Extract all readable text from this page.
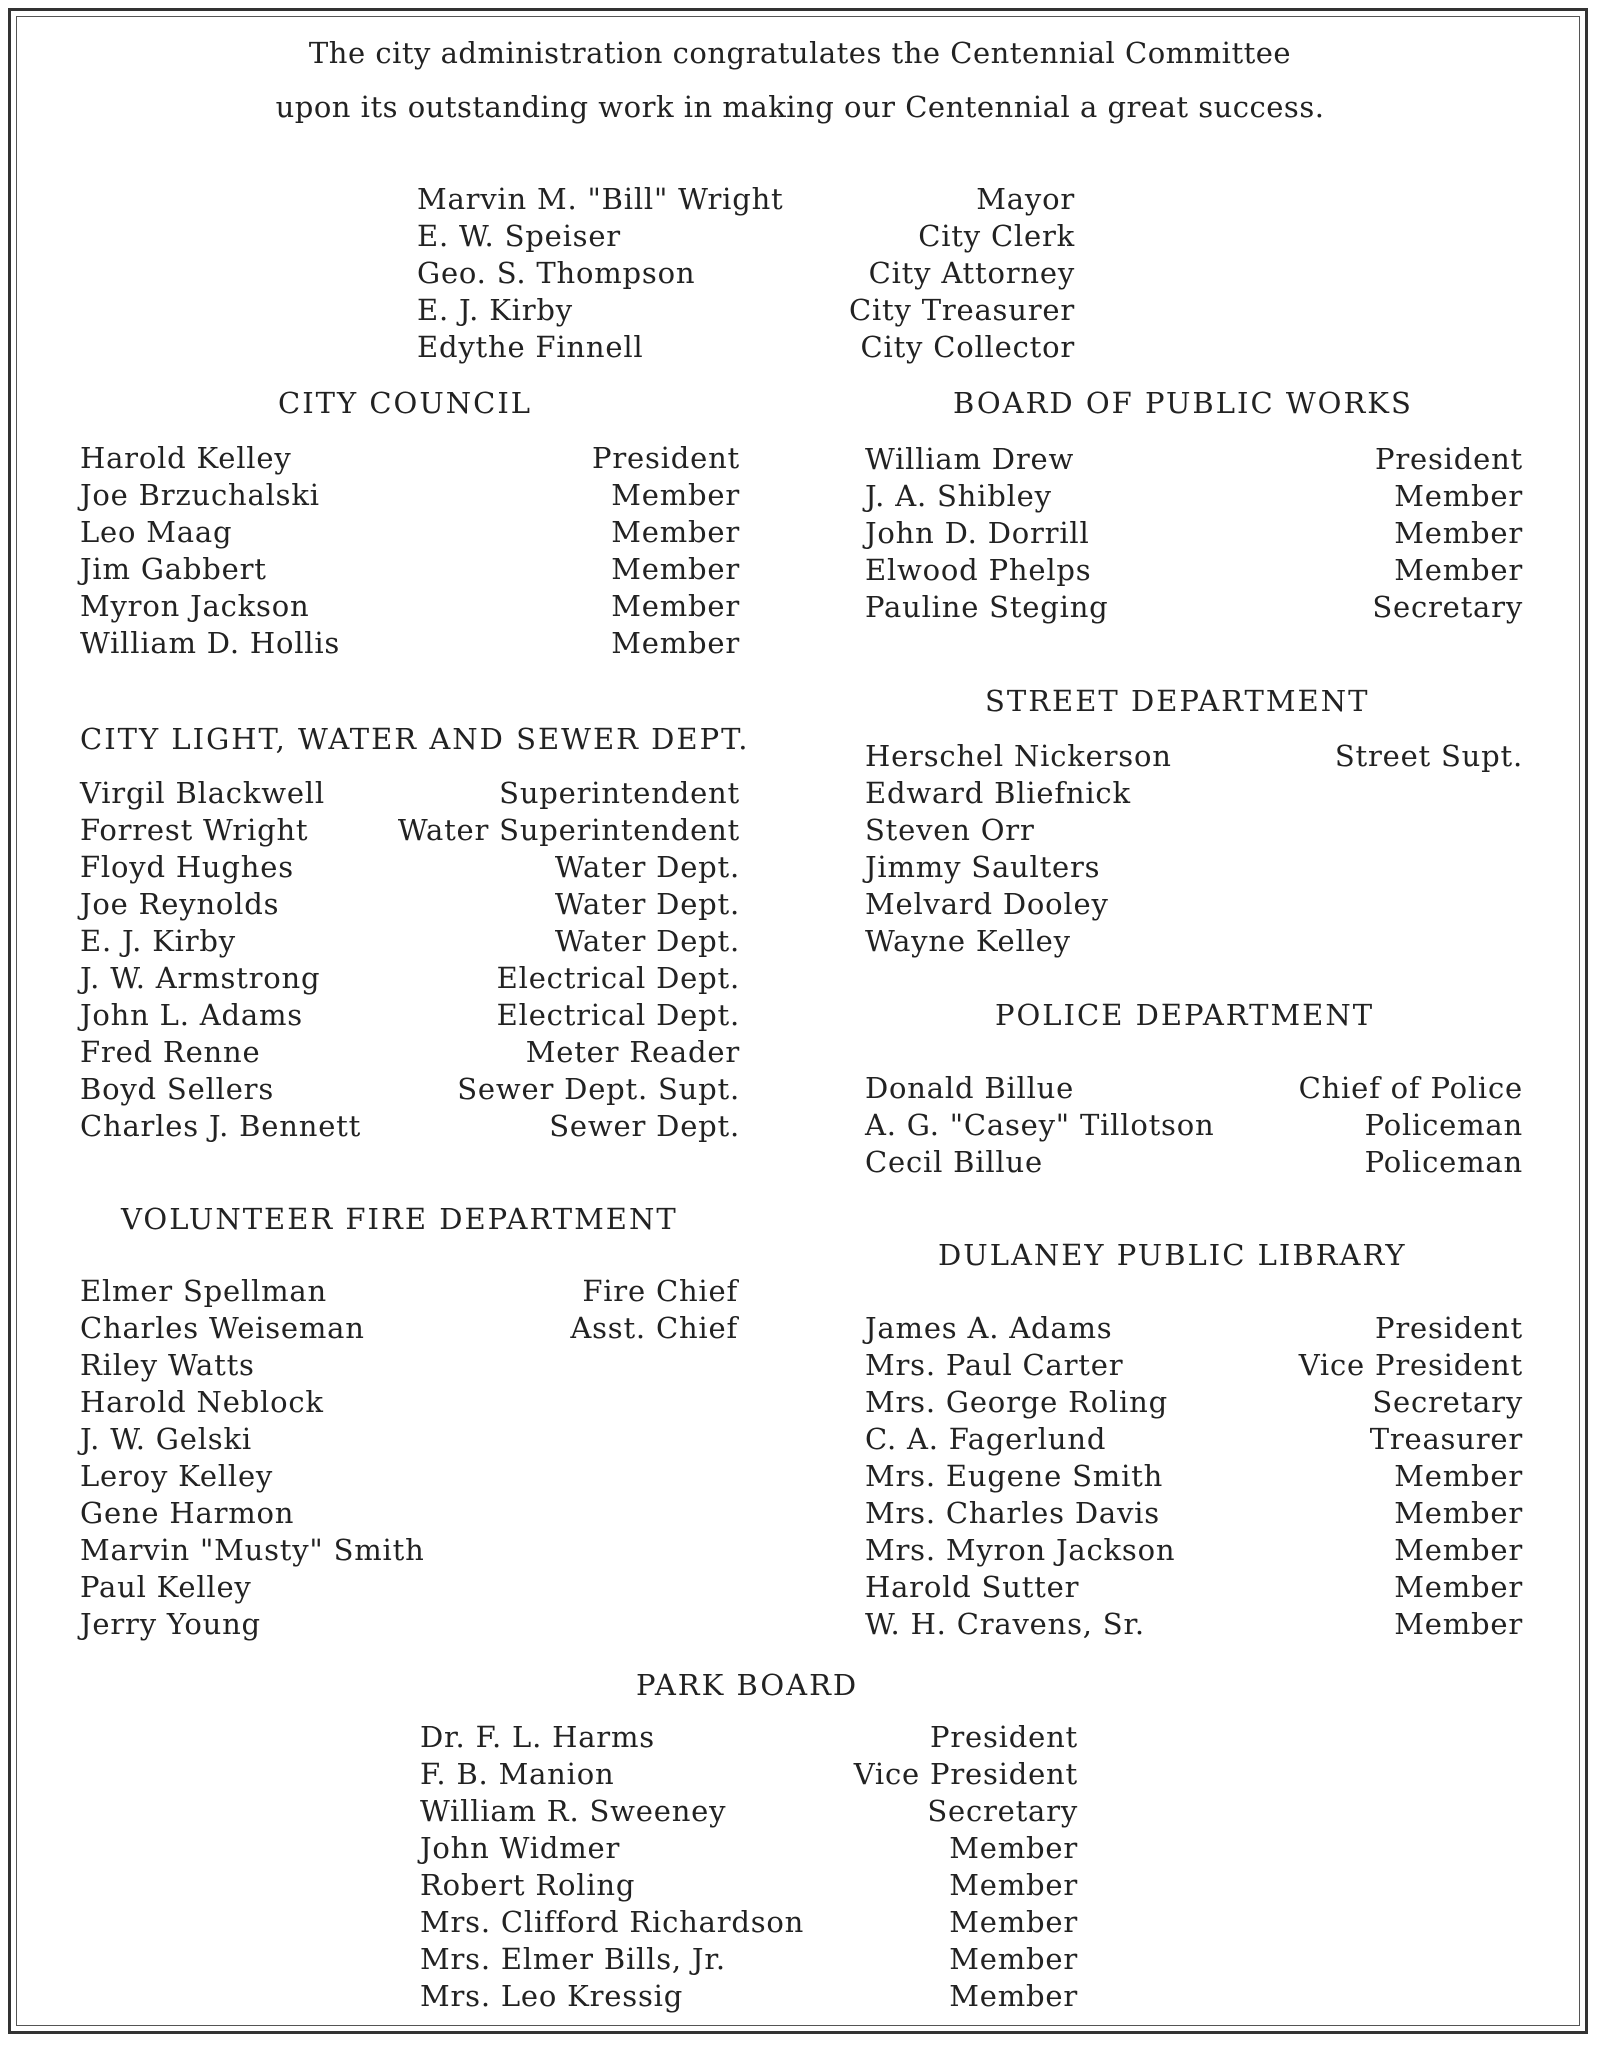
The city administration congratulates the Centennial Committee
upon its outstanding work in making our Centennial a great success.
Marvin M. "Bill" Wright	Mayor
E. W. Speiser	City Clerk
Geo. S. Thompson	City Attorney
E. J. Kirby	City Treasurer
Edythe Finnell	City Collector
CITY COUNCIL
Harold Kelley	President
Joe Brzuchalski	Member
Leo Maag	Member
Jim Gabbert	Member
Myron Jackson	Member
William D. Hollis	Member
BOARD OF PUBLIC WORKS
William Drew	President
J. A. Shibley	Member
John D. Dorrill	Member
Elwood Phelps	Member
Pauline Steging	Secretary
CITY LIGHT, WATER AND SEWER DEPT.
Virgil Blackwell	Superintendent
Forrest Wright	Water Superintendent
Floyd Hughes	Water Dept.
Joe Reynolds	Water Dept.
E. J. Kirby	Water Dept.
J. W. Armstrong	Electrical Dept.
John L. Adams	Electrical Dept.
Fred Renne	Meter Reader
Boyd Sellers	Sewer Dept. Supt.
Charles J. Bennett	Sewer Dept.
STREET DEPARTMENT
Herschel Nickerson	Street Supt.
Edward Bliefnick
Steven Orr
Jimmy Saulters
Melvard Dooley
Wayne Kelley
POLICE DEPARTMENT
Donald Billue	Chief of Police
A. G. "Casey" Tillotson	Policeman
Cecil Billue	Policeman
VOLUNTEER FIRE DEPARTMENT
Elmer Spellman	Fire Chief
Charles Weiseman	Asst. Chief
Riley Watts
Harold Neblock
J. W. Gelski
Leroy Kelley
Gene Harmon
Marvin "Musty" Smith
Paul Kelley
Jerry Young
DULANEY PUBLIC LIBRARY
James A. Adams	President
Mrs. Paul Carter	Vice President
Mrs. George Roling	Secretary
C. A. Fagerlund	Treasurer
Mrs. Eugene Smith	Member
Mrs. Charles Davis	Member
Mrs. Myron Jackson	Member
Harold Sutter	Member
W. H. Cravens, Sr.	Member
PARK BOARD
Dr. F. L. Harms	President
F. B. Manion	Vice President
William R. Sweeney	Secretary
John Widmer	Member
Robert Roling	Member
Mrs. Clifford Richardson	Member
Mrs. Elmer Bills, Jr.	Member
Mrs. Leo Kressig	Member
